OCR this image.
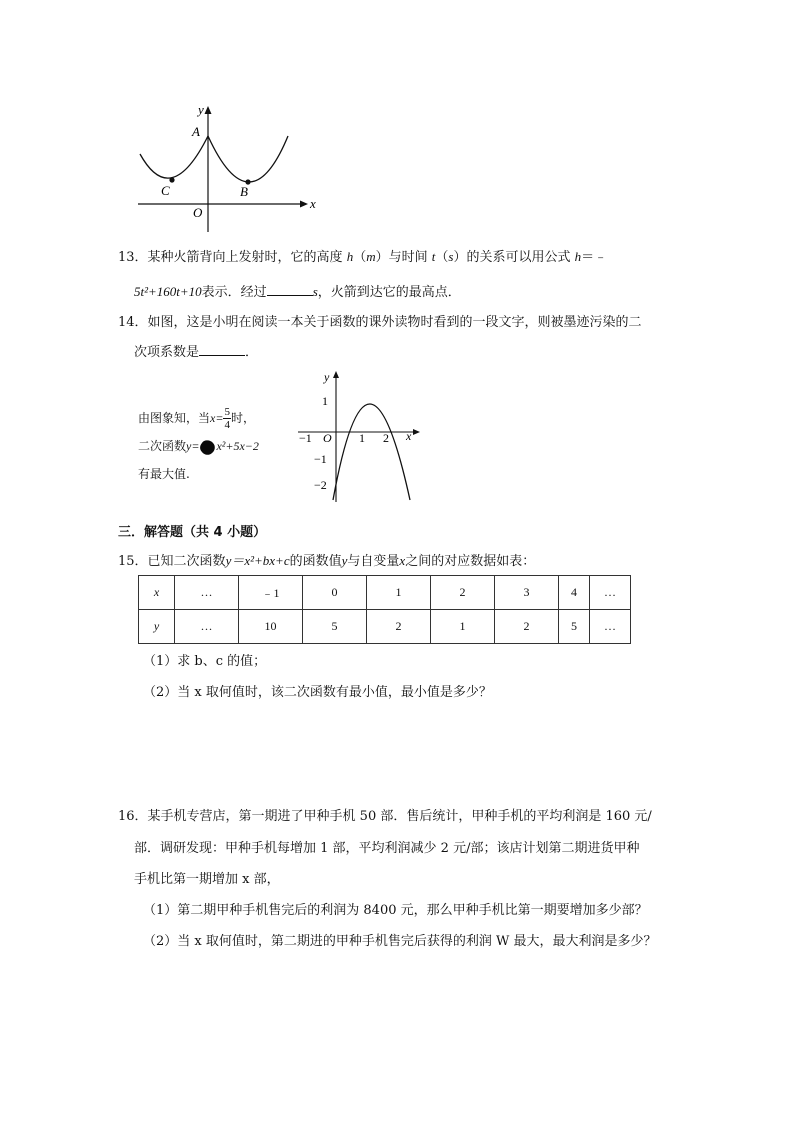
y
x
O
A
B
C
13．某种火箭背向上发射时，它的高度 h（m）与时间 t（s）的关系可以用公式 h＝﹣
5t²+160t+10表示．经过	s，火箭到达它的最高点．
14．如图，这是小明在阅读一本关于函数的课外读物时看到的一段文字，则被墨迹污染的二
次项系数是	．
由图象知，当$x= \frac{5}{4}$ 时，
二次函数y= x²+5x−2
有最大值.
y
x
O
1
−1
−2
−1	1 2
三．解答题（共 4 小题）
15．已知二次函数y＝x²+bx+c的函数值y与自变量x之间的对应数据如表：
x	…	﹣1	0	1	2	3	4	…
y	…	10	5	2	1	2	5	…
（1）求 b、c 的值；
（2）当 x 取何值时，该二次函数有最小值，最小值是多少？
16．某手机专营店，第一期进了甲种手机 50 部．售后统计，甲种手机的平均利润是 160 元/
部．调研发现：甲种手机每增加 1 部，平均利润减少 2 元/部；该店计划第二期进货甲种
手机比第一期增加 x 部，
（1）第二期甲种手机售完后的利润为 8400 元，那么甲种手机比第一期要增加多少部？
（2）当 x 取何值时，第二期进的甲种手机售完后获得的利润 W 最大，最大利润是多少？
